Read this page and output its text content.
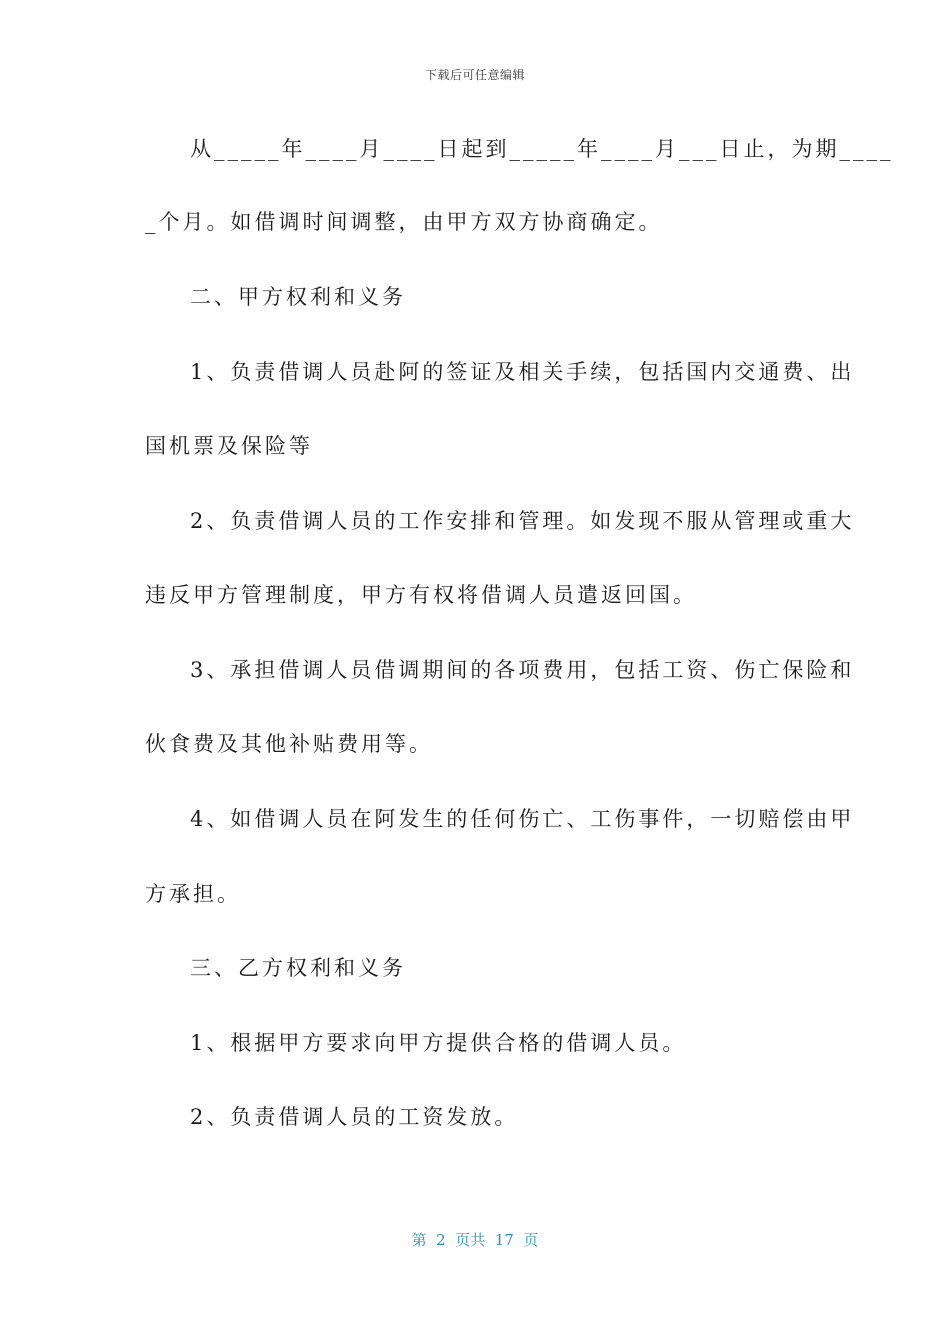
下载后可任意编辑
从_____年____月____日起到_____年____月___日止，为期____
_个月。如借调时间调整，由甲方双方协商确定。
二、甲方权利和义务
1、负责借调人员赴阿的签证及相关手续，包括国内交通费、出
国机票及保险等
2、负责借调人员的工作安排和管理。如发现不服从管理或重大
违反甲方管理制度，甲方有权将借调人员遣返回国。
3、承担借调人员借调期间的各项费用，包括工资、伤亡保险和
伙食费及其他补贴费用等。
4、如借调人员在阿发生的任何伤亡、工伤事件，一切赔偿由甲
方承担。
三、乙方权利和义务
1、根据甲方要求向甲方提供合格的借调人员。
2、负责借调人员的工资发放。
第  2  页共  17  页
